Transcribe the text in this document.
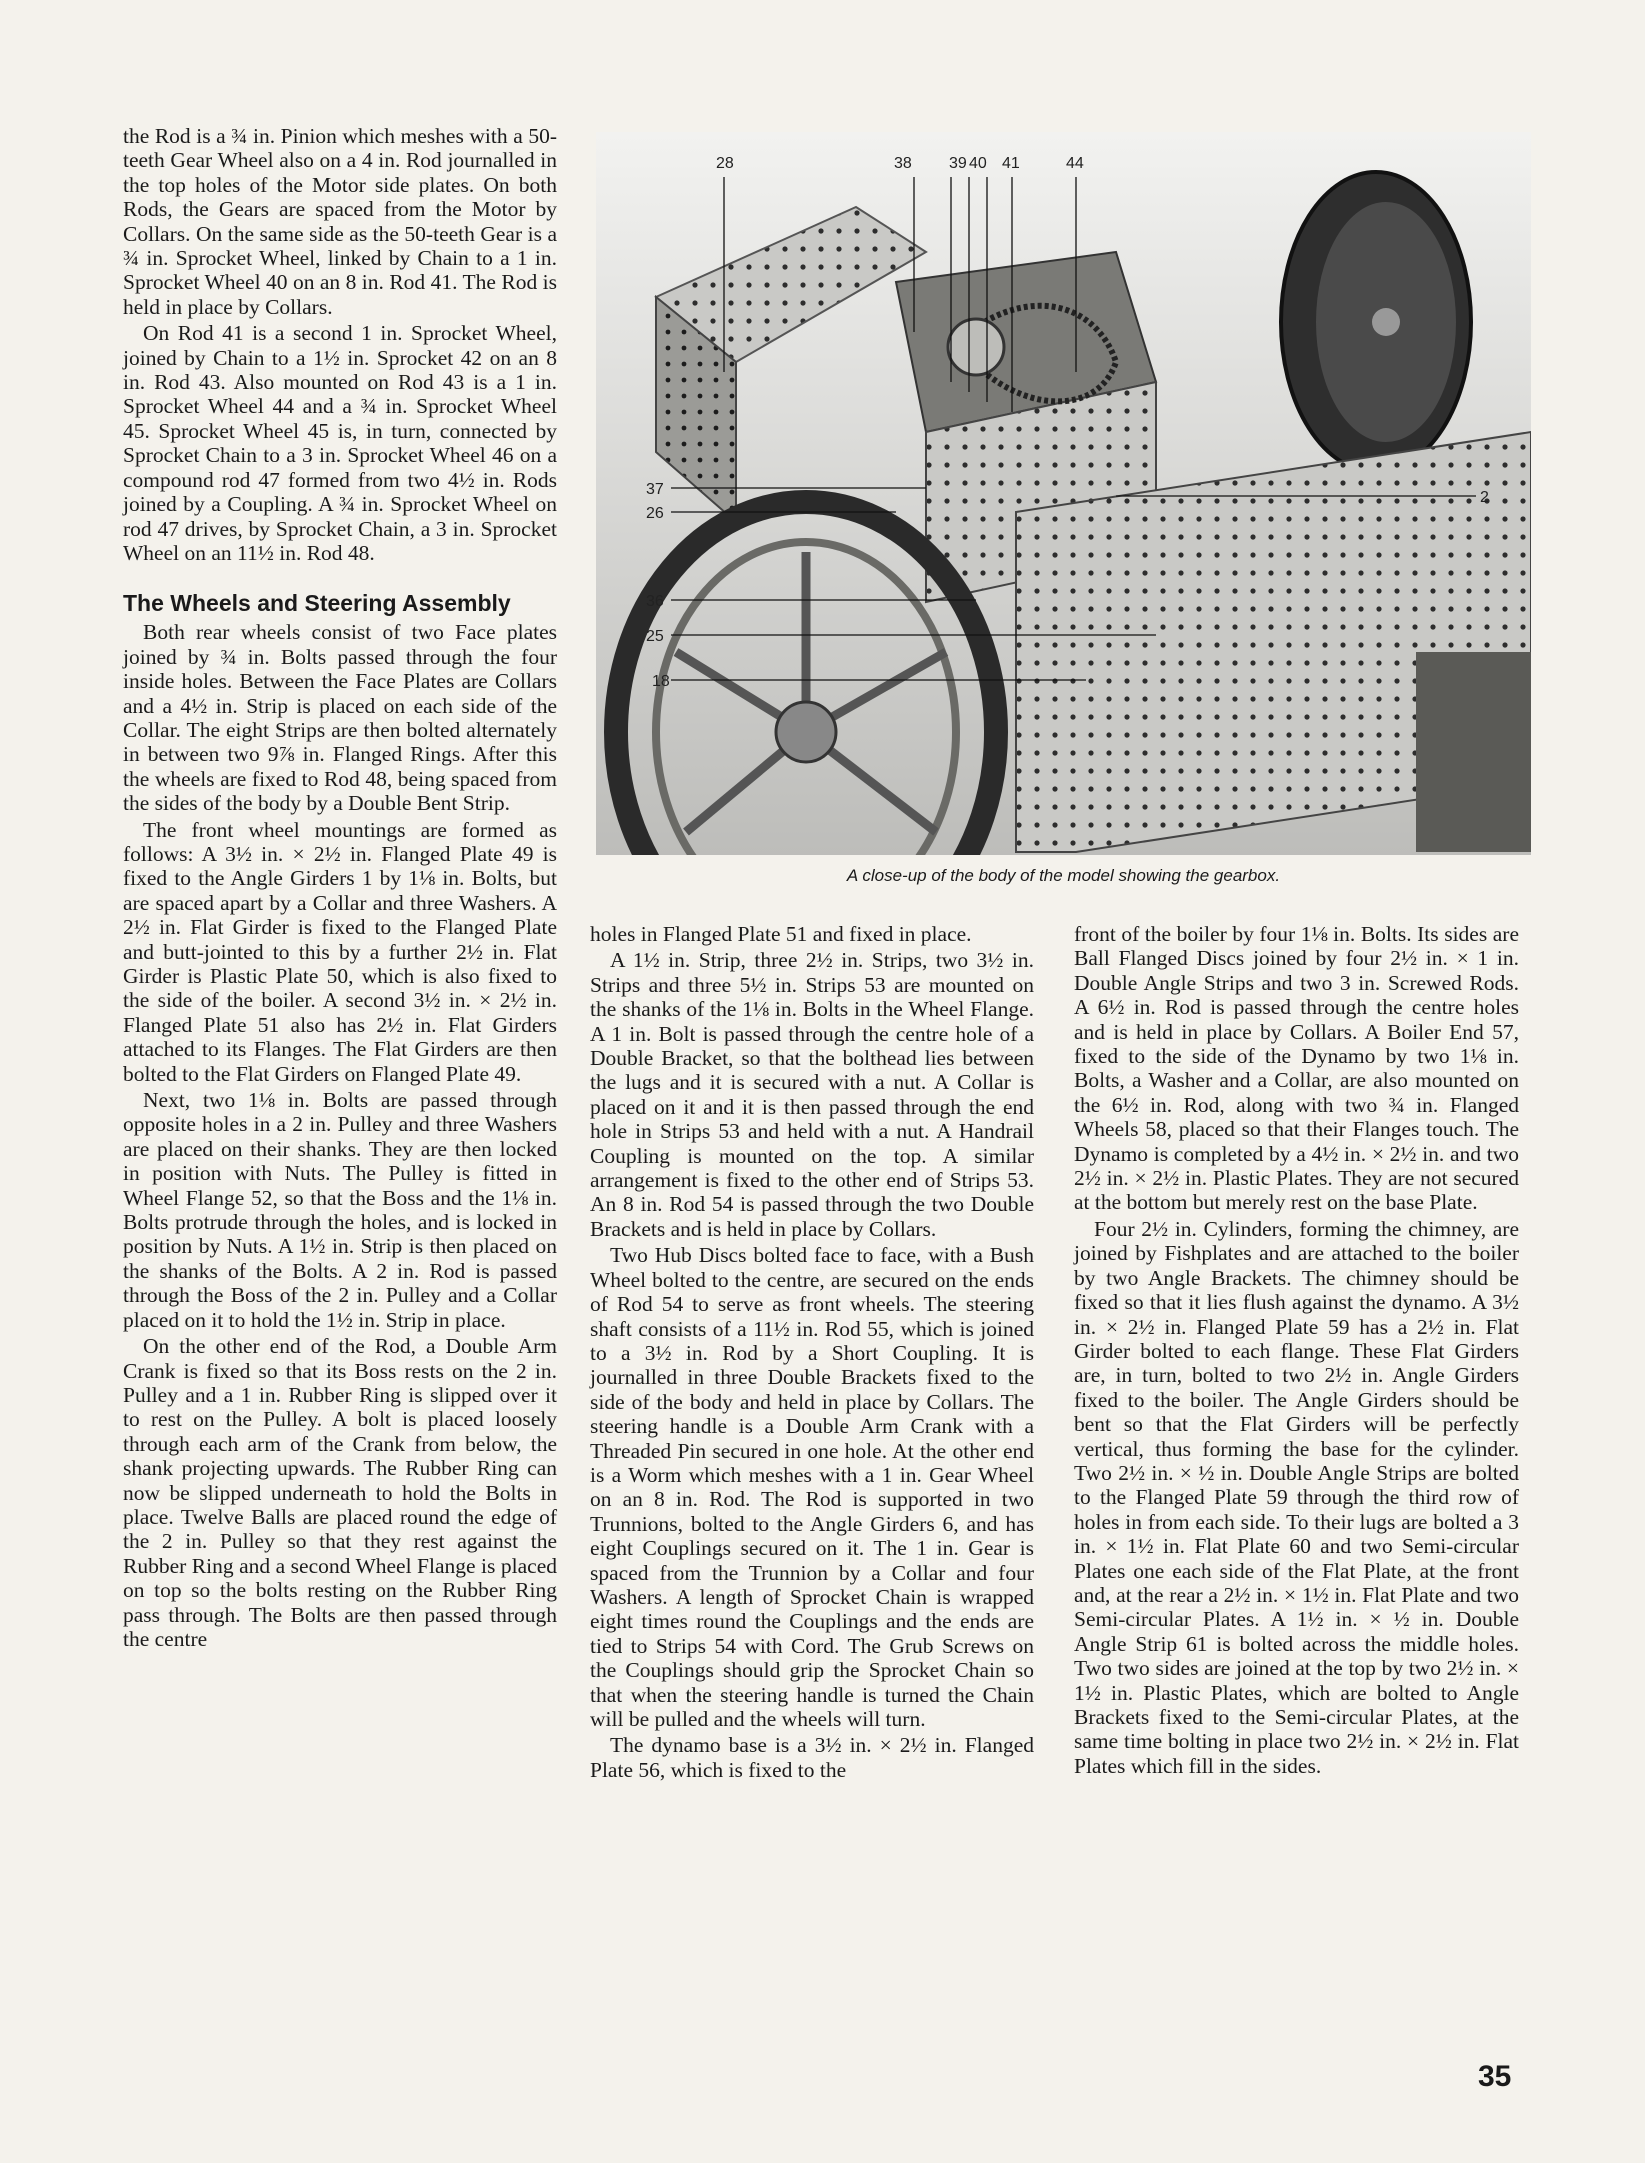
the Rod is a ¾ in. Pinion which meshes with a 50-teeth Gear Wheel also on a 4 in. Rod journalled in the top holes of the Motor side plates. On both Rods, the Gears are spaced from the Motor by Collars. On the same side as the 50-teeth Gear is a ¾ in. Sprocket Wheel, linked by Chain to a 1 in. Sprocket Wheel 40 on an 8 in. Rod 41. The Rod is held in place by Collars.

On Rod 41 is a second 1 in. Sprocket Wheel, joined by Chain to a 1½ in. Sprocket 42 on an 8 in. Rod 43. Also mounted on Rod 43 is a 1 in. Sprocket Wheel 44 and a ¾ in. Sprocket Wheel 45. Sprocket Wheel 45 is, in turn, connected by Sprocket Chain to a 3 in. Sprocket Wheel 46 on a compound rod 47 formed from two 4½ in. Rods joined by a Coupling. A ¾ in. Sprocket Wheel on rod 47 drives, by Sprocket Chain, a 3 in. Sprocket Wheel on an 11½ in. Rod 48.

The Wheels and Steering Assembly

Both rear wheels consist of two Face plates joined by ¾ in. Bolts passed through the four inside holes. Between the Face Plates are Collars and a 4½ in. Strip is placed on each side of the Collar. The eight Strips are then bolted alternately in between two 9⅞ in. Flanged Rings. After this the wheels are fixed to Rod 48, being spaced from the sides of the body by a Double Bent Strip.

The front wheel mountings are formed as follows: A 3½ in. × 2½ in. Flanged Plate 49 is fixed to the Angle Girders 1 by 1⅛ in. Bolts, but are spaced apart by a Collar and three Washers. A 2½ in. Flat Girder is fixed to the Flanged Plate and butt-jointed to this by a further 2½ in. Flat Girder is Plastic Plate 50, which is also fixed to the side of the boiler. A second 3½ in. × 2½ in. Flanged Plate 51 also has 2½ in. Flat Girders attached to its Flanges. The Flat Girders are then bolted to the Flat Girders on Flanged Plate 49.

Next, two 1⅛ in. Bolts are passed through opposite holes in a 2 in. Pulley and three Washers are placed on their shanks. They are then locked in position with Nuts. The Pulley is fitted in Wheel Flange 52, so that the Boss and the 1⅛ in. Bolts protrude through the holes, and is locked in position by Nuts. A 1½ in. Strip is then placed on the shanks of the Bolts. A 2 in. Rod is passed through the Boss of the 2 in. Pulley and a Collar placed on it to hold the 1½ in. Strip in place.

On the other end of the Rod, a Double Arm Crank is fixed so that its Boss rests on the 2 in. Pulley and a 1 in. Rubber Ring is slipped over it to rest on the Pulley. A bolt is placed loosely through each arm of the Crank from below, the shank projecting upwards. The Rubber Ring can now be slipped underneath to hold the Bolts in place. Twelve Balls are placed round the edge of the 2 in. Pulley so that they rest against the Rubber Ring and a second Wheel Flange is placed on top so the bolts resting on the Rubber Ring pass through. The Bolts are then passed through the centre

28	38 39 40 41	44
37
26
36
25
18
2
A close-up of the body of the model showing the gearbox.

holes in Flanged Plate 51 and fixed in place.

A 1½ in. Strip, three 2½ in. Strips, two 3½ in. Strips and three 5½ in. Strips 53 are mounted on the shanks of the 1⅛ in. Bolts in the Wheel Flange. A 1 in. Bolt is passed through the centre hole of a Double Bracket, so that the bolthead lies between the lugs and it is secured with a nut. A Collar is placed on it and it is then passed through the end hole in Strips 53 and held with a nut. A Handrail Coupling is mounted on the top. A similar arrangement is fixed to the other end of Strips 53. An 8 in. Rod 54 is passed through the two Double Brackets and is held in place by Collars.

Two Hub Discs bolted face to face, with a Bush Wheel bolted to the centre, are secured on the ends of Rod 54 to serve as front wheels. The steering shaft consists of a 11½ in. Rod 55, which is joined to a 3½ in. Rod by a Short Coupling. It is journalled in three Double Brackets fixed to the side of the body and held in place by Collars. The steering handle is a Double Arm Crank with a Threaded Pin secured in one hole. At the other end is a Worm which meshes with a 1 in. Gear Wheel on an 8 in. Rod. The Rod is supported in two Trunnions, bolted to the Angle Girders 6, and has eight Couplings secured on it. The 1 in. Gear is spaced from the Trunnion by a Collar and four Washers. A length of Sprocket Chain is wrapped eight times round the Couplings and the ends are tied to Strips 54 with Cord. The Grub Screws on the Couplings should grip the Sprocket Chain so that when the steering handle is turned the Chain will be pulled and the wheels will turn.

The dynamo base is a 3½ in. × 2½ in. Flanged Plate 56, which is fixed to the

front of the boiler by four 1⅛ in. Bolts. Its sides are Ball Flanged Discs joined by four 2½ in. × 1 in. Double Angle Strips and two 3 in. Screwed Rods. A 6½ in. Rod is passed through the centre holes and is held in place by Collars. A Boiler End 57, fixed to the side of the Dynamo by two 1⅛ in. Bolts, a Washer and a Collar, are also mounted on the 6½ in. Rod, along with two ¾ in. Flanged Wheels 58, placed so that their Flanges touch. The Dynamo is completed by a 4½ in. × 2½ in. and two 2½ in. × 2½ in. Plastic Plates. They are not secured at the bottom but merely rest on the base Plate.

Four 2½ in. Cylinders, forming the chimney, are joined by Fishplates and are attached to the boiler by two Angle Brackets. The chimney should be fixed so that it lies flush against the dynamo. A 3½ in. × 2½ in. Flanged Plate 59 has a 2½ in. Flat Girder bolted to each flange. These Flat Girders are, in turn, bolted to two 2½ in. Angle Girders fixed to the boiler. The Angle Girders should be bent so that the Flat Girders will be perfectly vertical, thus forming the base for the cylinder. Two 2½ in. × ½ in. Double Angle Strips are bolted to the Flanged Plate 59 through the third row of holes in from each side. To their lugs are bolted a 3 in. × 1½ in. Flat Plate 60 and two Semi-circular Plates one each side of the Flat Plate, at the front and, at the rear a 2½ in. × 1½ in. Flat Plate and two Semi-circular Plates. A 1½ in. × ½ in. Double Angle Strip 61 is bolted across the middle holes. Two two sides are joined at the top by two 2½ in. × 1½ in. Plastic Plates, which are bolted to Angle Brackets fixed to the Semi-circular Plates, at the same time bolting in place two 2½ in. × 2½ in. Flat Plates which fill in the sides.

35
